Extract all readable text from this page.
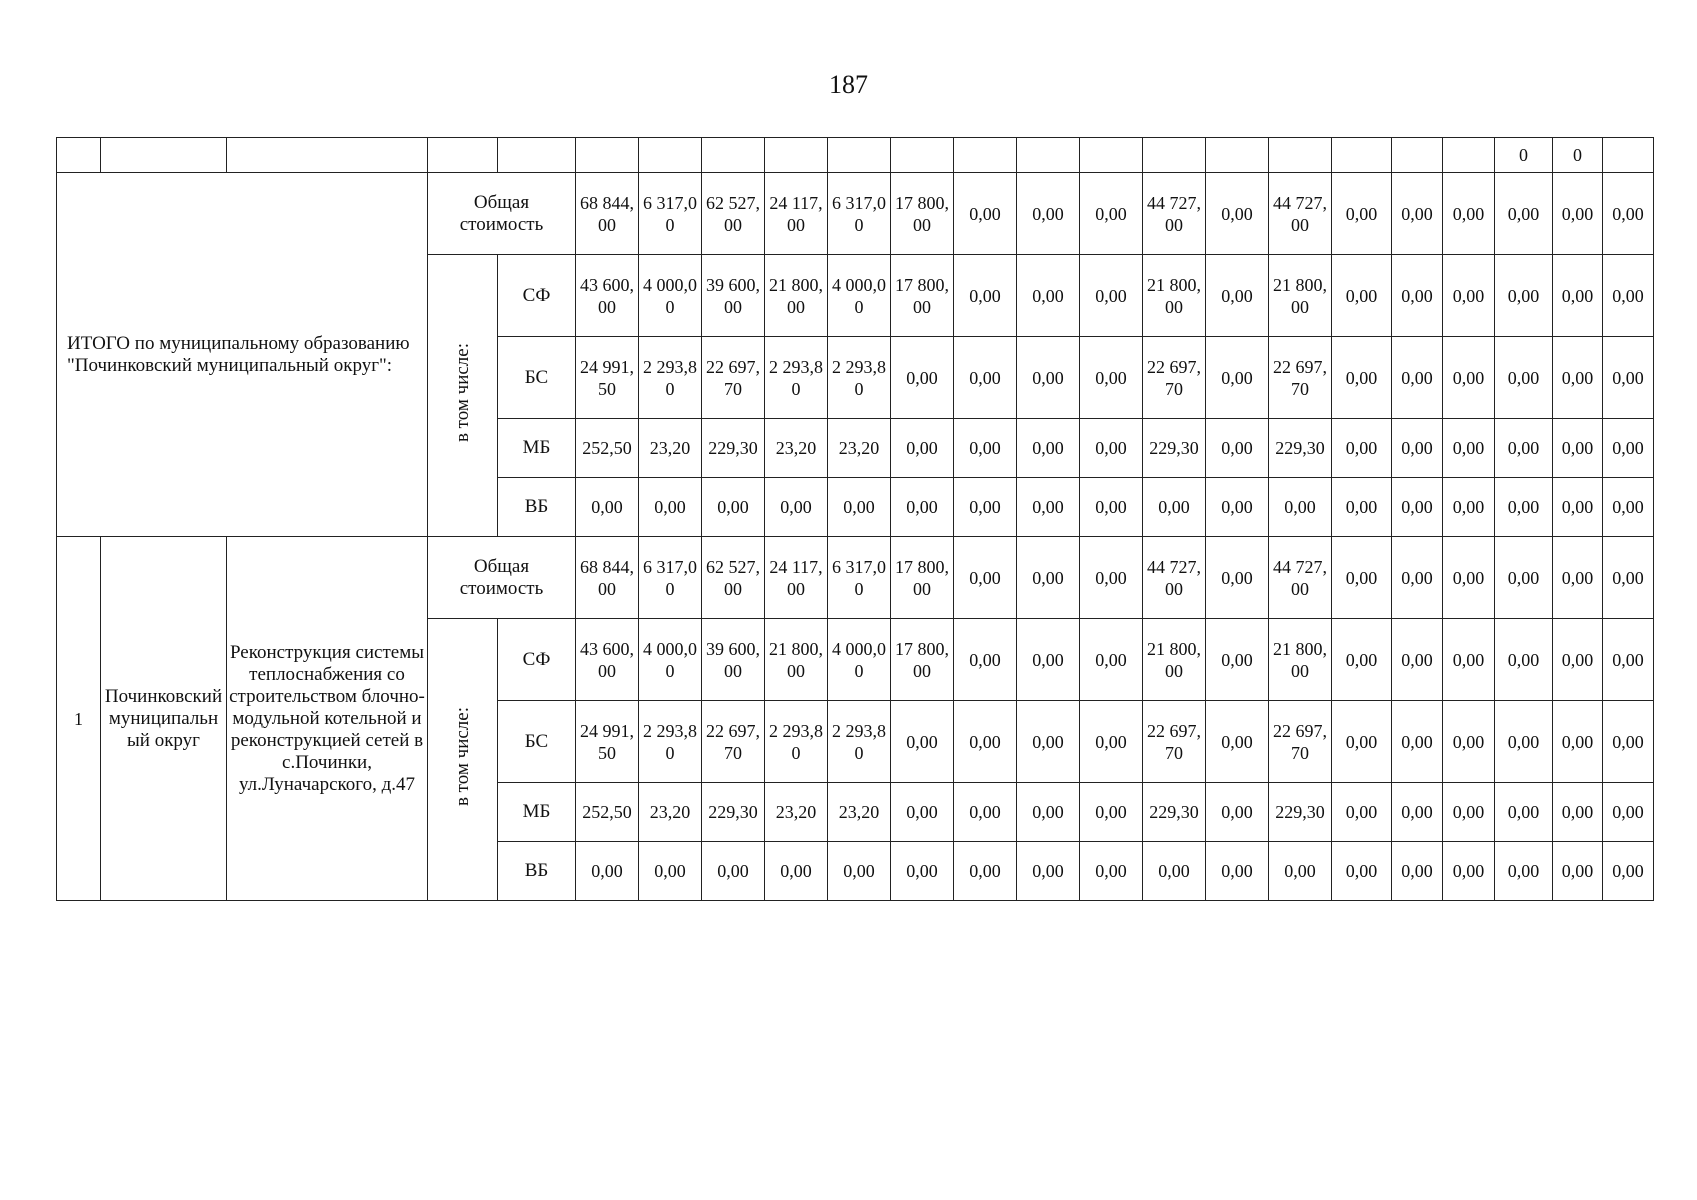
187
																				0	0			
ИТОГО по муниципальному образованию "Починковский муниципальный округ":			Общая стоимость		68 844,00	6 317,00	62 527,00	24 117,00	6 317,00	17 800,00	0,00	0,00	0,00	44 727,00	0,00	44 727,00	0,00	0,00	0,00	0,00	0,00	0,00	
			в том числе:	СФ	43 600,00	4 000,00	39 600,00	21 800,00	4 000,00	17 800,00	0,00	0,00	0,00	21 800,00	0,00	21 800,00	0,00	0,00	0,00	0,00	0,00	0,00	
				БС	24 991,50	2 293,80	22 697,70	2 293,80	2 293,80	0,00	0,00	0,00	0,00	22 697,70	0,00	22 697,70	0,00	0,00	0,00	0,00	0,00	0,00	
				МБ	252,50	23,20	229,30	23,20	23,20	0,00	0,00	0,00	0,00	229,30	0,00	229,30	0,00	0,00	0,00	0,00	0,00	0,00	
				ВБ	0,00	0,00	0,00	0,00	0,00	0,00	0,00	0,00	0,00	0,00	0,00	0,00	0,00	0,00	0,00	0,00	0,00	0,00	
1	Починковский муниципальный округ	Реконструкция системы теплоснабжения со строительством блочно-модульной котельной и реконструкцией сетей в с.Починки, ул.Луначарского, д.47	Общая стоимость		68 844,00	6 317,00	62 527,00	24 117,00	6 317,00	17 800,00	0,00	0,00	0,00	44 727,00	0,00	44 727,00	0,00	0,00	0,00	0,00	0,00	0,00	
			в том числе:	СФ	43 600,00	4 000,00	39 600,00	21 800,00	4 000,00	17 800,00	0,00	0,00	0,00	21 800,00	0,00	21 800,00	0,00	0,00	0,00	0,00	0,00	0,00	
				БС	24 991,50	2 293,80	22 697,70	2 293,80	2 293,80	0,00	0,00	0,00	0,00	22 697,70	0,00	22 697,70	0,00	0,00	0,00	0,00	0,00	0,00	
				МБ	252,50	23,20	229,30	23,20	23,20	0,00	0,00	0,00	0,00	229,30	0,00	229,30	0,00	0,00	0,00	0,00	0,00	0,00	
				ВБ	0,00	0,00	0,00	0,00	0,00	0,00	0,00	0,00	0,00	0,00	0,00	0,00	0,00	0,00	0,00	0,00	0,00	0,00	
